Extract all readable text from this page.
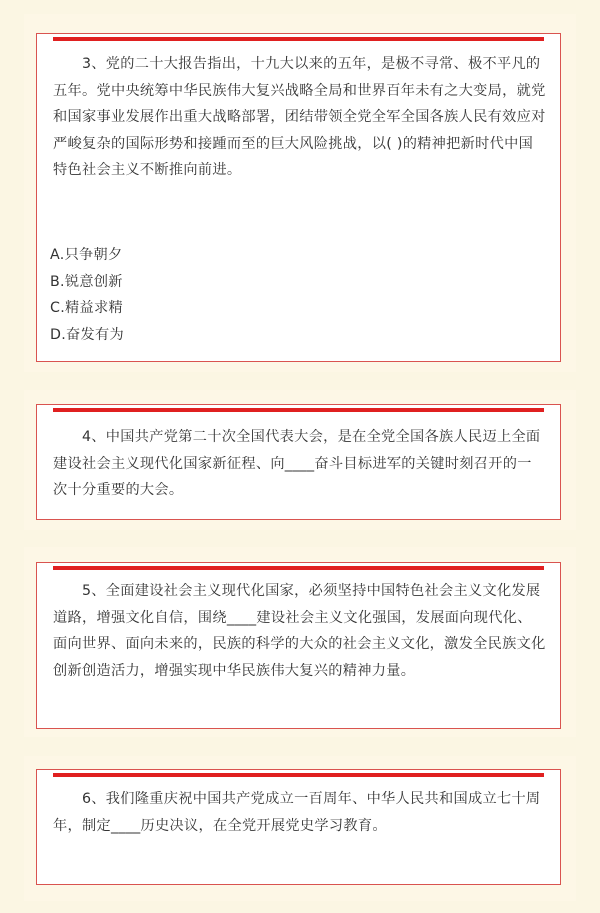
　　3、党的二十大报告指出，十九大以来的五年，是极不寻常、极不平凡的五年。党中央统筹中华民族伟大复兴战略全局和世界百年未有之大变局，就党和国家事业发展作出重大战略部署，团结带领全党全军全国各族人民有效应对严峻复杂的国际形势和接踵而至的巨大风险挑战，以( )的精神把新时代中国特色社会主义不断推向前进。
A.只争朝夕
B.锐意创新
C.精益求精
D.奋发有为
　　4、中国共产党第二十次全国代表大会，是在全党全国各族人民迈上全面建设社会主义现代化国家新征程、向____奋斗目标进军的关键时刻召开的一次十分重要的大会。
　　5、全面建设社会主义现代化国家，必须坚持中国特色社会主义文化发展道路，增强文化自信，围绕____建设社会主义文化强国，发展面向现代化、面向世界、面向未来的，民族的科学的大众的社会主义文化，激发全民族文化创新创造活力，增强实现中华民族伟大复兴的精神力量。
　　6、我们隆重庆祝中国共产党成立一百周年、中华人民共和国成立七十周年，制定____历史决议，在全党开展党史学习教育。
